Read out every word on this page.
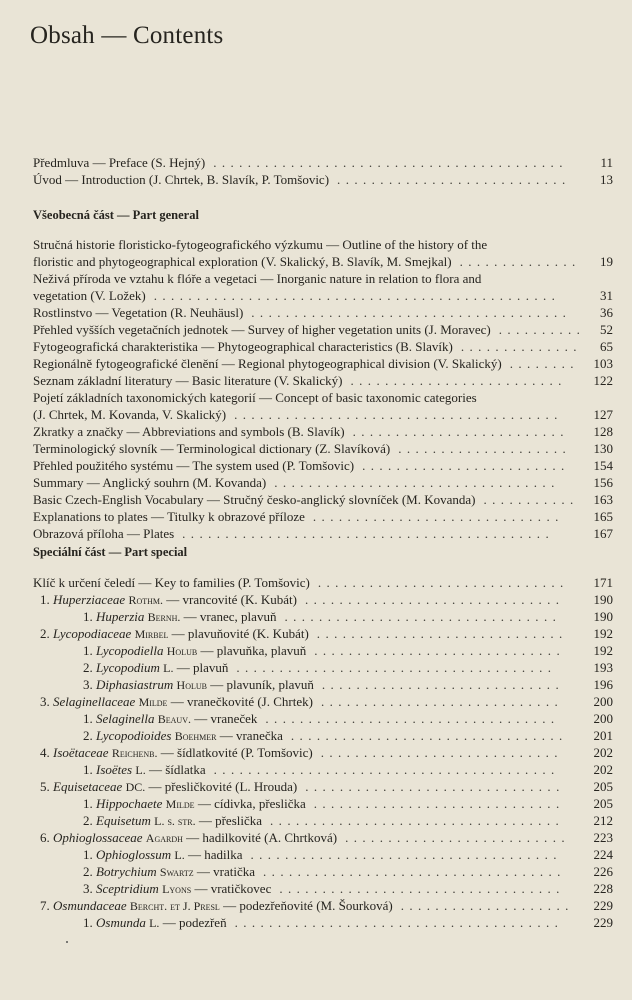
Obsah — Contents
Předmluva — Preface (S. Hejný)	11
.........................................
Úvod — Introduction (J. Chrtek, B. Slavík, P. Tomšovic)	13
...........................
Všeobecná část — Part general
Stručná historie floristicko-fytogeografického výzkumu — Outline of the history of the
floristic and phytogeographical exploration (V. Skalický, B. Slavík, M. Smejkal)	19
..............
Neživá příroda ve vztahu k flóře a vegetaci — Inorganic nature in relation to flora and
vegetation (V. Ložek)	31
...............................................
Rostlinstvo — Vegetation (R. Neuhäusl)	36
.....................................
Přehled vyšších vegetačních jednotek — Survey of higher vegetation units (J. Moravec)	52
..........
Fytogeografická charakteristika — Phytogeographical characteristics (B. Slavík)	65
..............
Regionálně fytogeografické členění — Regional phytogeographical division (V. Skalický)	103
........
Seznam základní literatury — Basic literature (V. Skalický)	122
.........................
Pojetí základních taxonomických kategorií — Concept of basic taxonomic categories
(J. Chrtek, M. Kovanda, V. Skalický)	127
......................................
Zkratky a značky — Abbreviations and symbols (B. Slavík)	128
.........................
Terminologický slovník — Terminological dictionary (Z. Slavíková)	130
....................
Přehled použitého systému — The system used (P. Tomšovic)	154
........................
Summary — Anglický souhrn (M. Kovanda)	156
.................................
Basic Czech-English Vocabulary — Stručný česko-anglický slovníček (M. Kovanda)	163
...........
Explanations to plates — Titulky k obrazové příloze	165
.............................
Obrazová příloha — Plates	167
...........................................
Speciální část — Part special
Klíč k určení čeledí — Key to families (P. Tomšovic)	171
.............................
1. Huperziaceae Rothm. — vrancovité (K. Kubát)	190
..............................
1. Huperzia Bernh. — vranec, plavuň	190
................................
2. Lycopodiaceae Mirbel — plavuňovité (K. Kubát)	192
.............................
1. Lycopodiella Holub — plavuňka, plavuň	192
.............................
2. Lycopodium L. — plavuň	193
.....................................
3. Diphasiastrum Holub — plavuník, plavuň	196
............................
3. Selaginellaceae Milde — vranečkovité (J. Chrtek)	200
............................
1. Selaginella Beauv. — vraneček	200
..................................
2. Lycopodioides Boehmer — vranečka	201
................................
4. Isoëtaceae Reichenb. — šídlatkovité (P. Tomšovic)	202
............................
1. Isoëtes L. — šídlatka	202
........................................
5. Equisetaceae DC. — přesličkovité (L. Hrouda)	205
..............................
1. Hippochaete Milde — cídivka, přeslička	205
.............................
2. Equisetum L. s. str. — přeslička	212
..................................
6. Ophioglossaceae Agardh — hadilkovité (A. Chrtková)	223
..........................
1. Ophioglossum L. — hadilka	224
....................................
2. Botrychium Swartz — vratička	226
...................................
3. Sceptridium Lyons — vratičkovec	228
.................................
7. Osmundaceae Bercht. et J. Presl — podezřeňovité (M. Šourková)	229
....................
1. Osmunda L. — podezřeň	229
......................................
